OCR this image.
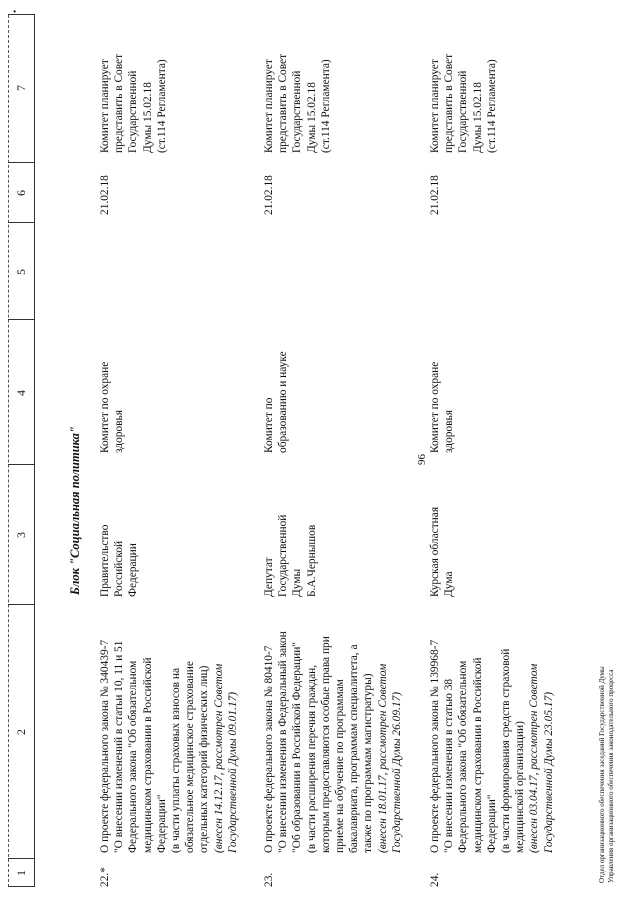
96
•
1
2
3
4
5
6
7
Блок "Социальная политика"
22.*
О проекте федерального закона № 340439-7 "О внесении изменений в статьи 10, 11 и 51 Федерального закона "Об обязательном медицинском страховании в Российской Федерации" (в части уплаты страховых взносов на обязательное медицинское страхование отдельных категорий физических лиц) (внесен 14.12.17, рассмотрен Советом Государственной Думы 09.01.17)
Правительство Российской Федерации
Комитет по охране здоровья
21.02.18
Комитет планирует представить в Совет Государственной Думы 15.02.18 (ст.114 Регламента)
23.
О проекте федерального закона № 80410-7 "О внесении изменения в Федеральный закон "Об образовании в Российской Федерации" (в части расширения перечня граждан, которым предоставляются особые права при приеме на обучение по программам бакалавриата, программам специалитета, а также по программам магистратуры) (внесен 18.01.17, рассмотрен Советом Государственной Думы 26.09.17)
Депутат Государственной Думы Б.А.Чернышов
Комитет по образованию и науке
21.02.18
Комитет планирует представить в Совет Государственной Думы 15.02.18 (ст.114 Регламента)
24.
О проекте федерального закона № 139968-7 "О внесении изменения в статью 38 Федерального закона "Об обязательном медицинском страховании в Российской Федерации" (в части формирования средств страховой медицинской организации) (внесен 03.04.17, рассмотрен Советом Государственной Думы 23.05.17)
Курская областная Дума
Комитет по охране здоровья
21.02.18
Комитет планирует представить в Совет Государственной Думы 15.02.18 (ст.114 Регламента)
Отдел организационного обеспечения заседаний Государственной Думы Управления организационного обеспечения законодательного процесса
